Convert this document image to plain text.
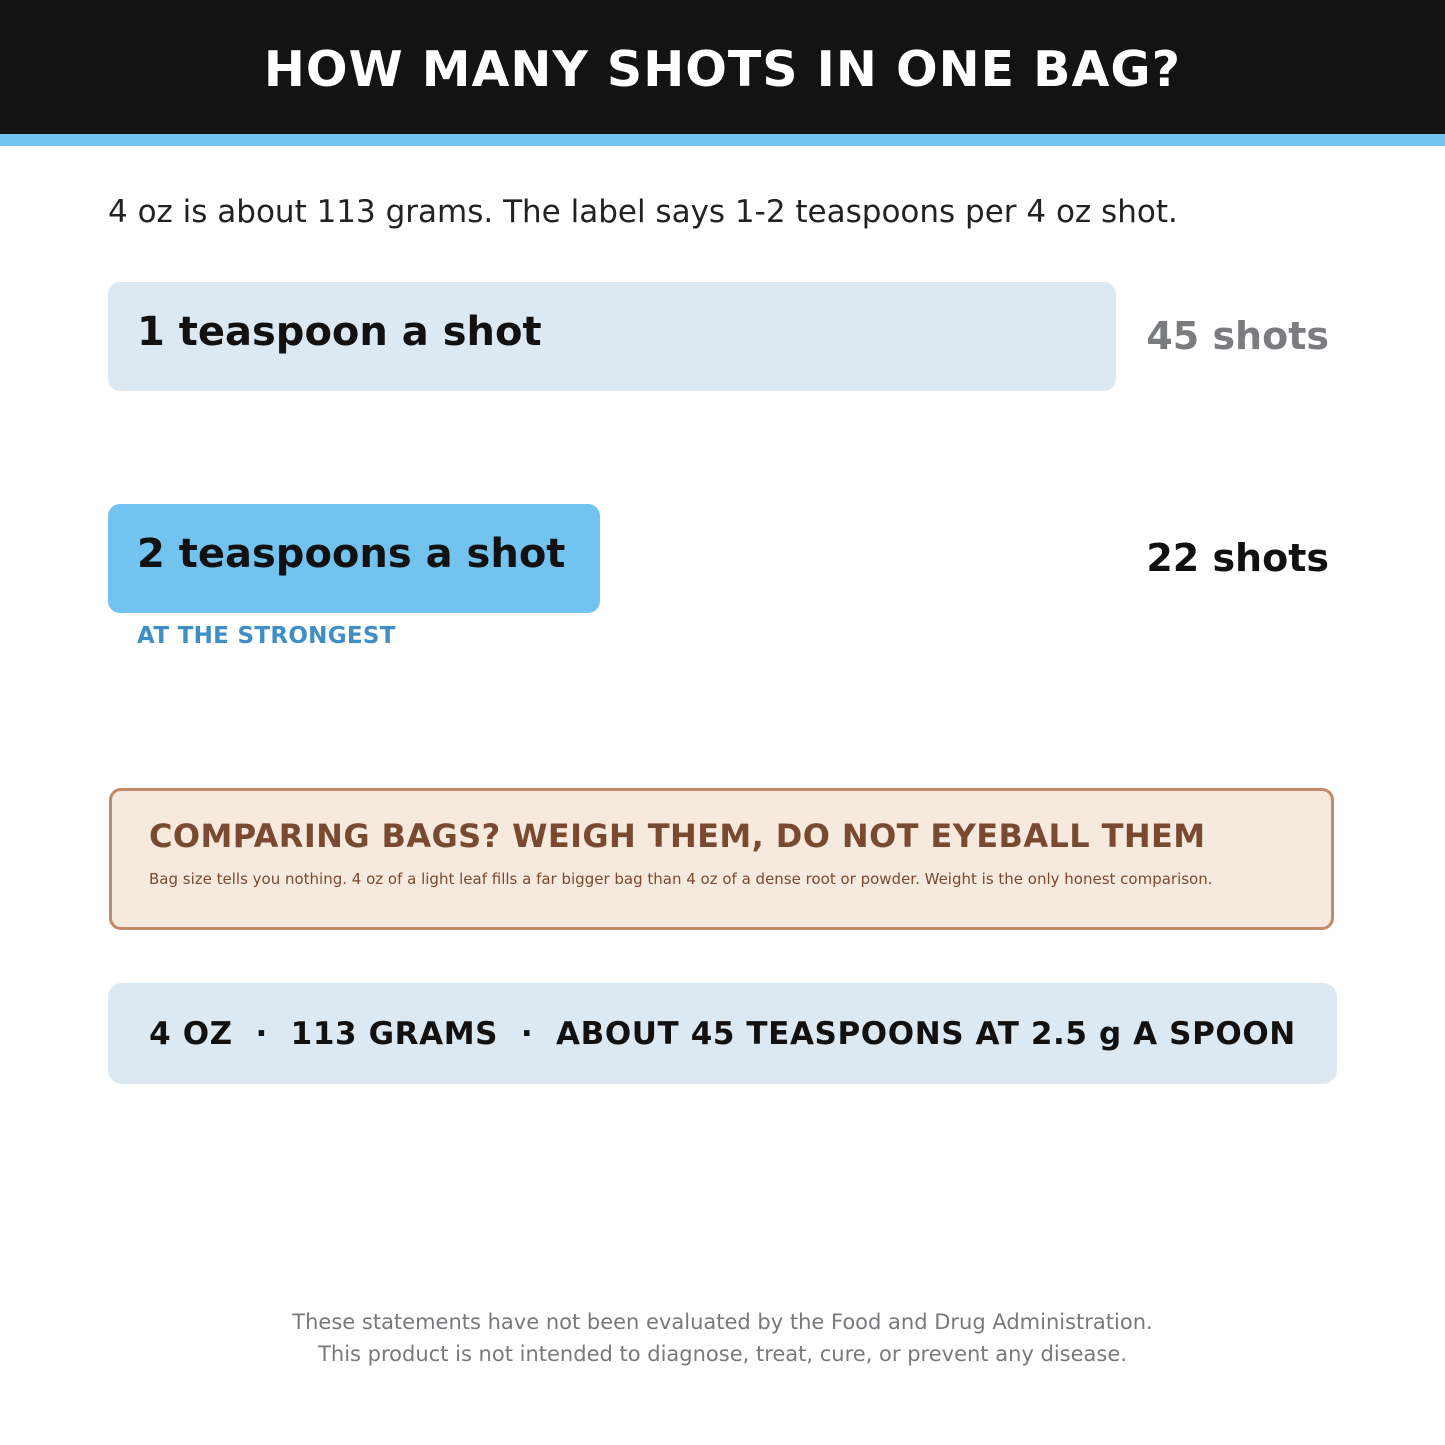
HOW MANY SHOTS IN ONE BAG?
4 oz is about 113 grams. The label says 1-2 teaspoons per 4 oz shot.
1 teaspoon a shot	45 shots
2 teaspoons a shot	22 shots
AT THE STRONGEST
COMPARING BAGS? WEIGH THEM, DO NOT EYEBALL THEM
Bag size tells you nothing. 4 oz of a light leaf fills a far bigger bag than 4 oz of a dense root or powder. Weight is the only honest comparison.
4 OZ  ·  113 GRAMS  ·  ABOUT 45 TEASPOONS AT 2.5 g A SPOON
These statements have not been evaluated by the Food and Drug Administration.
This product is not intended to diagnose, treat, cure, or prevent any disease.
